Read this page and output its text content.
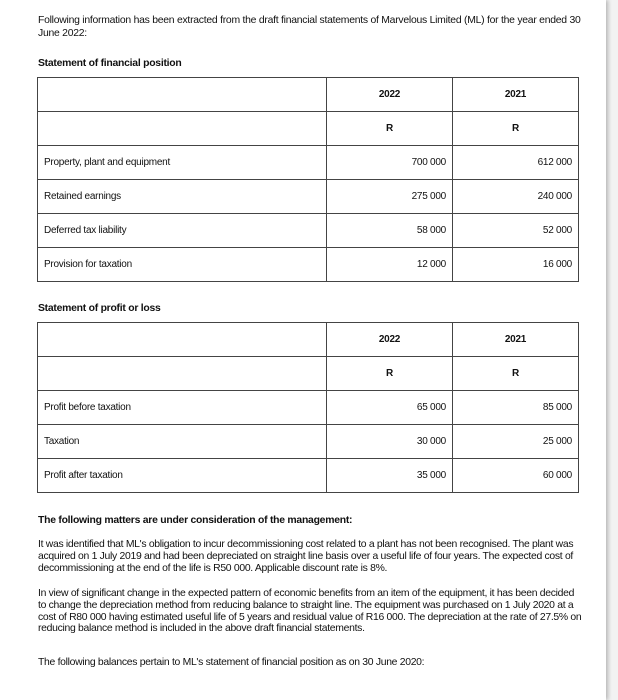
Following information has been extracted from the draft financial statements of Marvelous Limited (ML) for the year ended 30 June 2022:
Statement of financial position
	2022	2021
	R	R
Property, plant and equipment	700 000	612 000
Retained earnings	275 000	240 000
Deferred tax liability	58 000	52 000
Provision for taxation	12 000	16 000
Statement of profit or loss
	2022	2021
	R	R
Profit before taxation	65 000	85 000
Taxation	30 000	25 000
Profit after taxation	35 000	60 000
The following matters are under consideration of the management:
It was identified that ML's obligation to incur decommissioning cost related to a plant has not been recognised. The plant was acquired on 1 July 2019 and had been depreciated on straight line basis over a useful life of four years. The expected cost of decommissioning at the end of the life is R50 000. Applicable discount rate is 8%.
In view of significant change in the expected pattern of economic benefits from an item of the equipment, it has been decided to change the depreciation method from reducing balance to straight line. The equipment was purchased on 1 July 2020 at a cost of R80 000 having estimated useful life of 5 years and residual value of R16 000. The depreciation at the rate of 27.5% on reducing balance method is included in the above draft financial statements.
The following balances pertain to ML's statement of financial position as on 30 June 2020:
